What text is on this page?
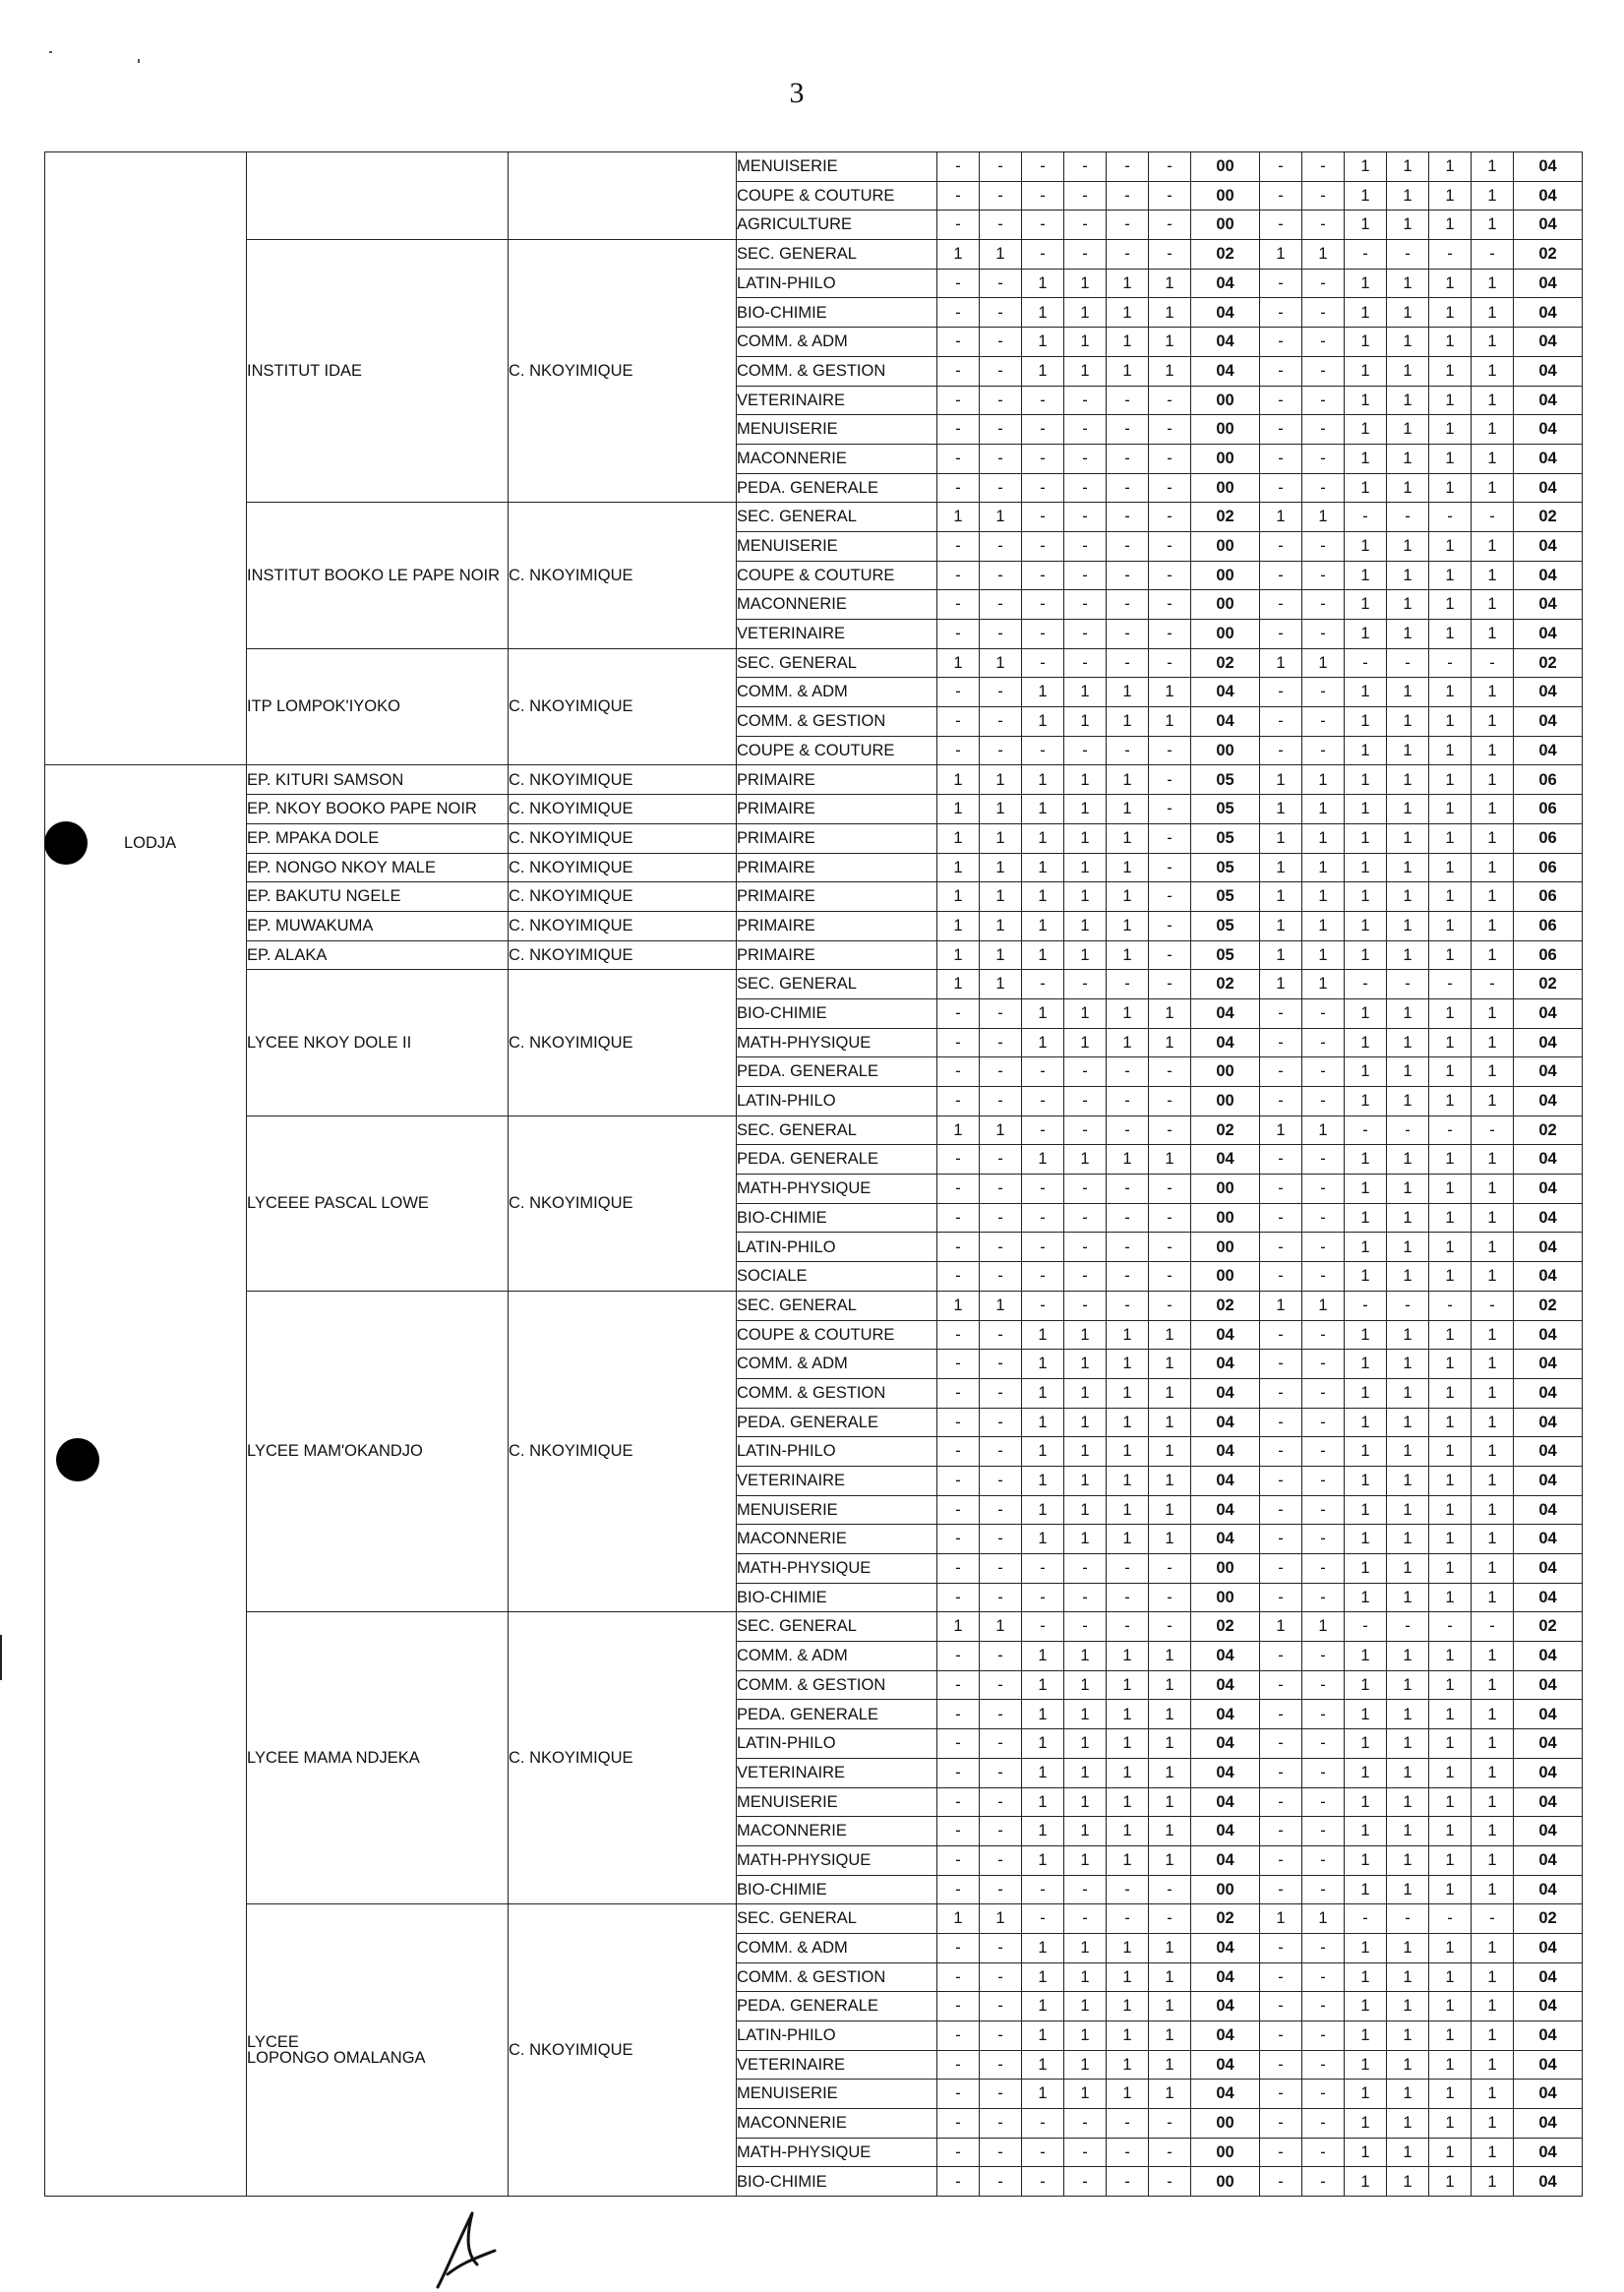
3
			MENUISERIE	-	-	-	-	-	-	00	-	-	1	1	1	1	04
			COUPE & COUTURE	-	-	-	-	-	-	00	-	-	1	1	1	1	04
			AGRICULTURE	-	-	-	-	-	-	00	-	-	1	1	1	1	04
	INSTITUT IDAE	C. NKOYIMIQUE	SEC. GENERAL	1	1	-	-	-	-	02	1	1	-	-	-	-	02
			LATIN-PHILO	-	-	1	1	1	1	04	-	-	1	1	1	1	04
			BIO-CHIMIE	-	-	1	1	1	1	04	-	-	1	1	1	1	04
			COMM. & ADM	-	-	1	1	1	1	04	-	-	1	1	1	1	04
			COMM. & GESTION	-	-	1	1	1	1	04	-	-	1	1	1	1	04
			VETERINAIRE	-	-	-	-	-	-	00	-	-	1	1	1	1	04
			MENUISERIE	-	-	-	-	-	-	00	-	-	1	1	1	1	04
			MACONNERIE	-	-	-	-	-	-	00	-	-	1	1	1	1	04
			PEDA. GENERALE	-	-	-	-	-	-	00	-	-	1	1	1	1	04
	INSTITUT BOOKO LE PAPE NOIR	C. NKOYIMIQUE	SEC. GENERAL	1	1	-	-	-	-	02	1	1	-	-	-	-	02
			MENUISERIE	-	-	-	-	-	-	00	-	-	1	1	1	1	04
			COUPE & COUTURE	-	-	-	-	-	-	00	-	-	1	1	1	1	04
			MACONNERIE	-	-	-	-	-	-	00	-	-	1	1	1	1	04
			VETERINAIRE	-	-	-	-	-	-	00	-	-	1	1	1	1	04
	ITP LOMPOK'IYOKO	C. NKOYIMIQUE	SEC. GENERAL	1	1	-	-	-	-	02	1	1	-	-	-	-	02
			COMM. & ADM	-	-	1	1	1	1	04	-	-	1	1	1	1	04
			COMM. & GESTION	-	-	1	1	1	1	04	-	-	1	1	1	1	04
			COUPE & COUTURE	-	-	-	-	-	-	00	-	-	1	1	1	1	04

LODJA	EP. KITURI SAMSON	C. NKOYIMIQUE	PRIMAIRE	1	1	1	1	1	-	05	1	1	1	1	1	1	06
	EP. NKOY BOOKO PAPE NOIR	C. NKOYIMIQUE	PRIMAIRE	1	1	1	1	1	-	05	1	1	1	1	1	1	06
	EP. MPAKA DOLE	C. NKOYIMIQUE	PRIMAIRE	1	1	1	1	1	-	05	1	1	1	1	1	1	06
	EP. NONGO NKOY MALE	C. NKOYIMIQUE	PRIMAIRE	1	1	1	1	1	-	05	1	1	1	1	1	1	06
	EP. BAKUTU NGELE	C. NKOYIMIQUE	PRIMAIRE	1	1	1	1	1	-	05	1	1	1	1	1	1	06
	EP. MUWAKUMA	C. NKOYIMIQUE	PRIMAIRE	1	1	1	1	1	-	05	1	1	1	1	1	1	06
	EP. ALAKA	C. NKOYIMIQUE	PRIMAIRE	1	1	1	1	1	-	05	1	1	1	1	1	1	06
	LYCEE NKOY DOLE II	C. NKOYIMIQUE	SEC. GENERAL	1	1	-	-	-	-	02	1	1	-	-	-	-	02
			BIO-CHIMIE	-	-	1	1	1	1	04	-	-	1	1	1	1	04
			MATH-PHYSIQUE	-	-	1	1	1	1	04	-	-	1	1	1	1	04
			PEDA. GENERALE	-	-	-	-	-	-	00	-	-	1	1	1	1	04
			LATIN-PHILO	-	-	-	-	-	-	00	-	-	1	1	1	1	04
	LYCEEE PASCAL LOWE	C. NKOYIMIQUE	SEC. GENERAL	1	1	-	-	-	-	02	1	1	-	-	-	-	02
			PEDA. GENERALE	-	-	1	1	1	1	04	-	-	1	1	1	1	04
			MATH-PHYSIQUE	-	-	-	-	-	-	00	-	-	1	1	1	1	04
			BIO-CHIMIE	-	-	-	-	-	-	00	-	-	1	1	1	1	04
			LATIN-PHILO	-	-	-	-	-	-	00	-	-	1	1	1	1	04
			SOCIALE	-	-	-	-	-	-	00	-	-	1	1	1	1	04
	LYCEE MAM'OKANDJO	C. NKOYIMIQUE	SEC. GENERAL	1	1	-	-	-	-	02	1	1	-	-	-	-	02
			COUPE & COUTURE	-	-	1	1	1	1	04	-	-	1	1	1	1	04
			COMM. & ADM	-	-	1	1	1	1	04	-	-	1	1	1	1	04
			COMM. & GESTION	-	-	1	1	1	1	04	-	-	1	1	1	1	04
			PEDA. GENERALE	-	-	1	1	1	1	04	-	-	1	1	1	1	04
			LATIN-PHILO	-	-	1	1	1	1	04	-	-	1	1	1	1	04
			VETERINAIRE	-	-	1	1	1	1	04	-	-	1	1	1	1	04
			MENUISERIE	-	-	1	1	1	1	04	-	-	1	1	1	1	04
			MACONNERIE	-	-	1	1	1	1	04	-	-	1	1	1	1	04
			MATH-PHYSIQUE	-	-	-	-	-	-	00	-	-	1	1	1	1	04
			BIO-CHIMIE	-	-	-	-	-	-	00	-	-	1	1	1	1	04
	LYCEE MAMA NDJEKA	C. NKOYIMIQUE	SEC. GENERAL	1	1	-	-	-	-	02	1	1	-	-	-	-	02
			COMM. & ADM	-	-	1	1	1	1	04	-	-	1	1	1	1	04
			COMM. & GESTION	-	-	1	1	1	1	04	-	-	1	1	1	1	04
			PEDA. GENERALE	-	-	1	1	1	1	04	-	-	1	1	1	1	04
			LATIN-PHILO	-	-	1	1	1	1	04	-	-	1	1	1	1	04
			VETERINAIRE	-	-	1	1	1	1	04	-	-	1	1	1	1	04
			MENUISERIE	-	-	1	1	1	1	04	-	-	1	1	1	1	04
			MACONNERIE	-	-	1	1	1	1	04	-	-	1	1	1	1	04
			MATH-PHYSIQUE	-	-	1	1	1	1	04	-	-	1	1	1	1	04
			BIO-CHIMIE	-	-	-	-	-	-	00	-	-	1	1	1	1	04
	LYCEE
LOPONGO OMALANGA	C. NKOYIMIQUE	SEC. GENERAL	1	1	-	-	-	-	02	1	1	-	-	-	-	02
			COMM. & ADM	-	-	1	1	1	1	04	-	-	1	1	1	1	04
			COMM. & GESTION	-	-	1	1	1	1	04	-	-	1	1	1	1	04
			PEDA. GENERALE	-	-	1	1	1	1	04	-	-	1	1	1	1	04
			LATIN-PHILO	-	-	1	1	1	1	04	-	-	1	1	1	1	04
			VETERINAIRE	-	-	1	1	1	1	04	-	-	1	1	1	1	04
			MENUISERIE	-	-	1	1	1	1	04	-	-	1	1	1	1	04
			MACONNERIE	-	-	-	-	-	-	00	-	-	1	1	1	1	04
			MATH-PHYSIQUE	-	-	-	-	-	-	00	-	-	1	1	1	1	04
			BIO-CHIMIE	-	-	-	-	-	-	00	-	-	1	1	1	1	04
